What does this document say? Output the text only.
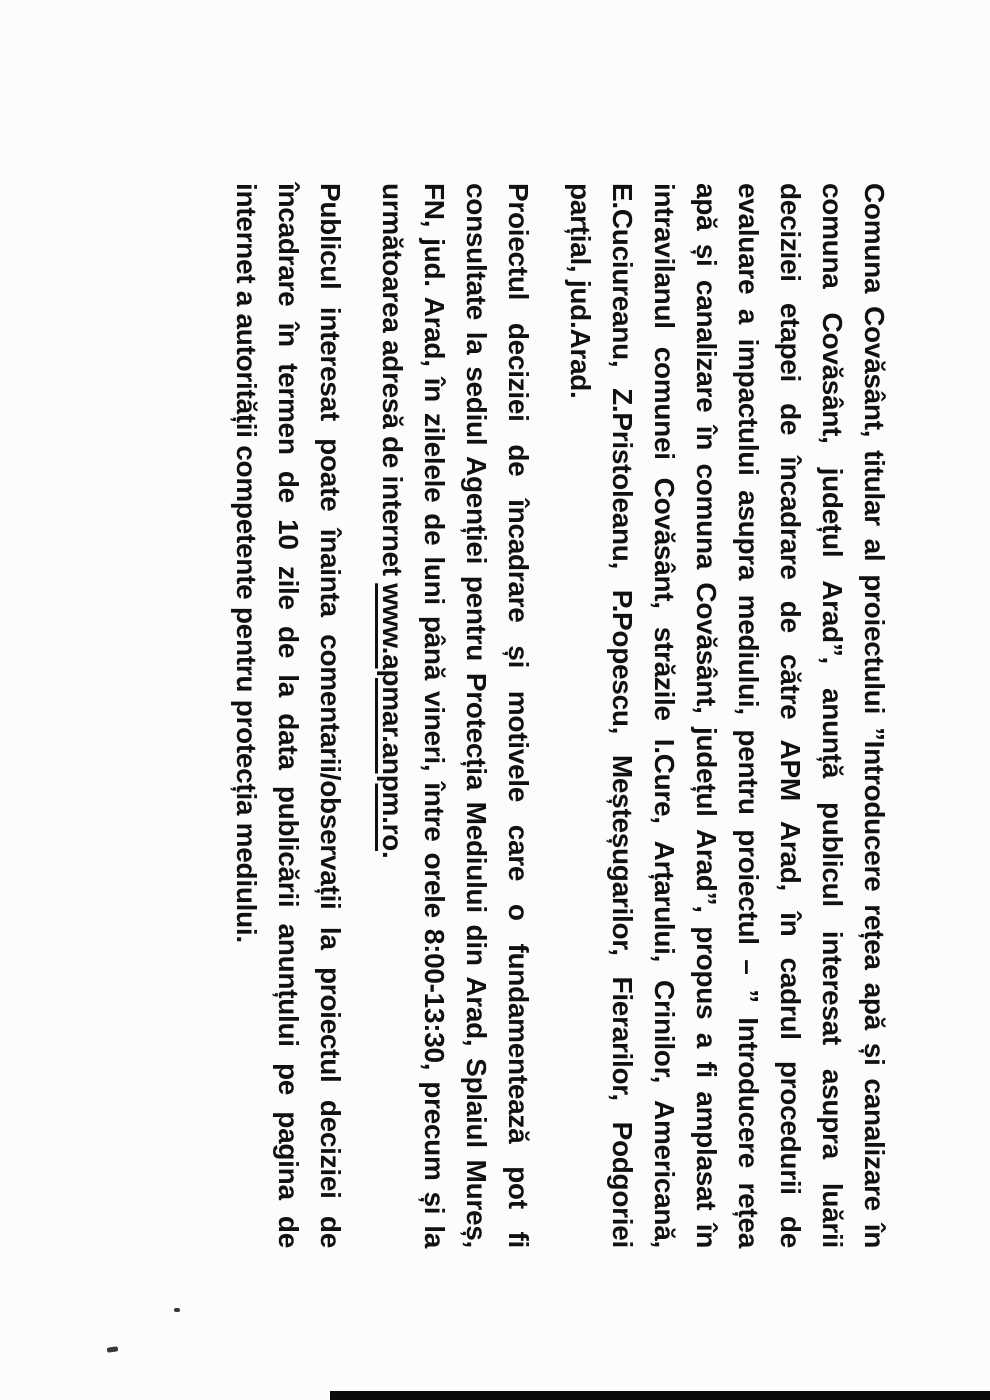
Comuna Covăsânt, titular al proiectului ”Introducere rețea apă și canalizare în
comuna Covăsânt, județul Arad”, anunță publicul interesat asupra luării
deciziei etapei de încadrare de către APM Arad, în cadrul procedurii de
evaluare a impactului asupra mediului, pentru proiectul – ” Introducere rețea
apă și canalizare în comuna Covăsânt, județul Arad”, propus a fi amplasat în
intravilanul comunei Covăsânt, străzile I.Cure, Arțarului, Crinilor, Americană,
E.Cuciureanu, Z.Pristoleanu, P.Popescu, Meșteșugarilor, Fierarilor, Podgoriei
parțial, jud.Arad.
Proiectul deciziei de încadrare și motivele care o fundamentează pot fi
consultate la sediul Agenției pentru Protecția Mediului din Arad, Splaiul Mureș,
FN, jud. Arad, în zilelele de luni până vineri, între orele 8:00-13:30, precum și la
următoarea adresă de internet www.apmar.anpm.ro.
Publicul interesat poate înainta comentarii/observații la proiectul deciziei de
încadrare în termen de 10 zile de la data publicării anunțului pe pagina de
internet a autorității competente pentru protecția mediului.
